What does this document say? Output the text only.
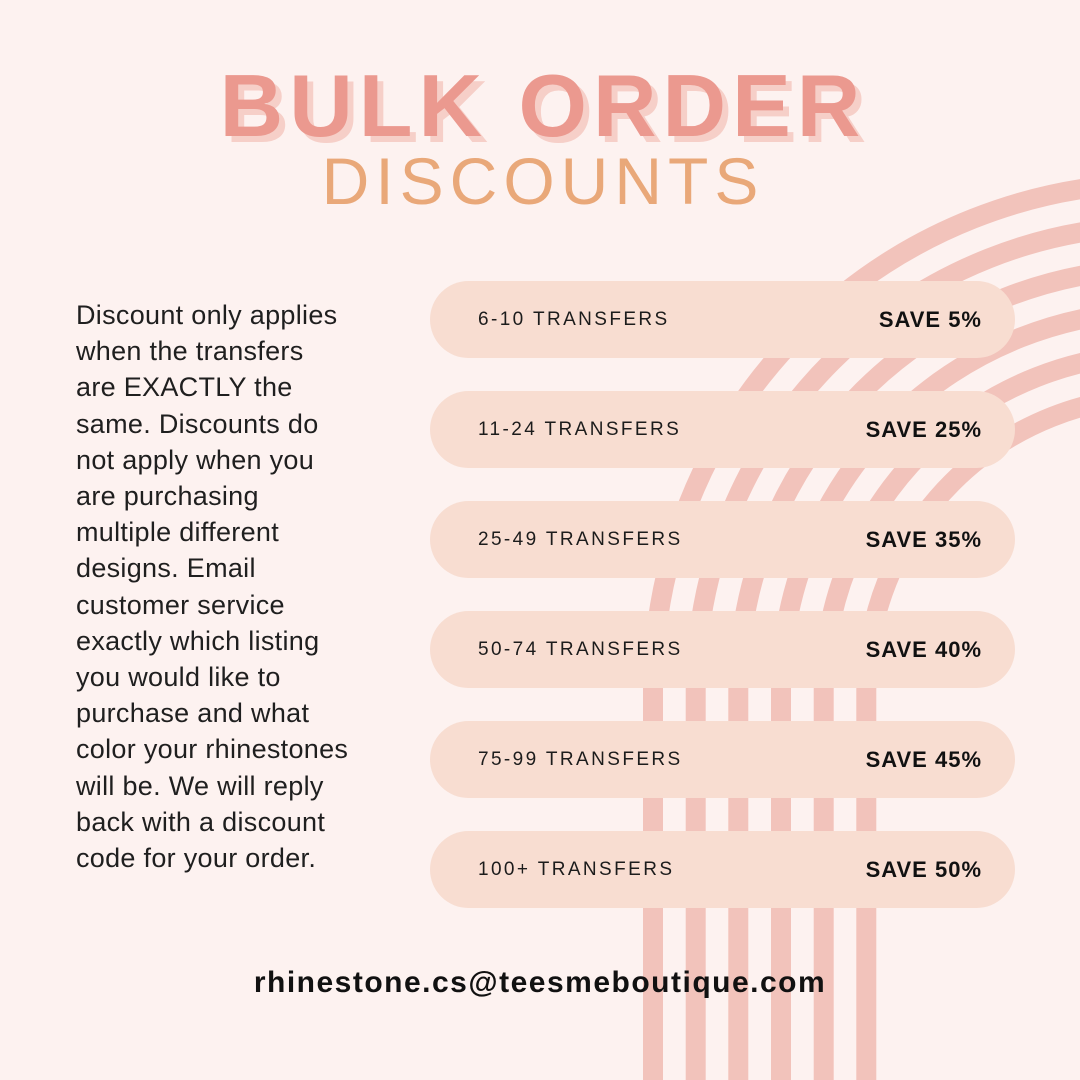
BULK ORDER
DISCOUNTS
Discount only applies
when the transfers
are EXACTLY the
same. Discounts do
not apply when you
are purchasing
multiple different
designs. Email
customer service
exactly which listing
you would like to
purchase and what
color your rhinestones
will be. We will reply
back with a discount
code for your order.
6-10 TRANSFERS	SAVE 5%
11-24 TRANSFERS	SAVE 25%
25-49 TRANSFERS	SAVE 35%
50-74 TRANSFERS	SAVE 40%
75-99 TRANSFERS	SAVE 45%
100+ TRANSFERS	SAVE 50%
rhinestone.cs@teesmeboutique.com
